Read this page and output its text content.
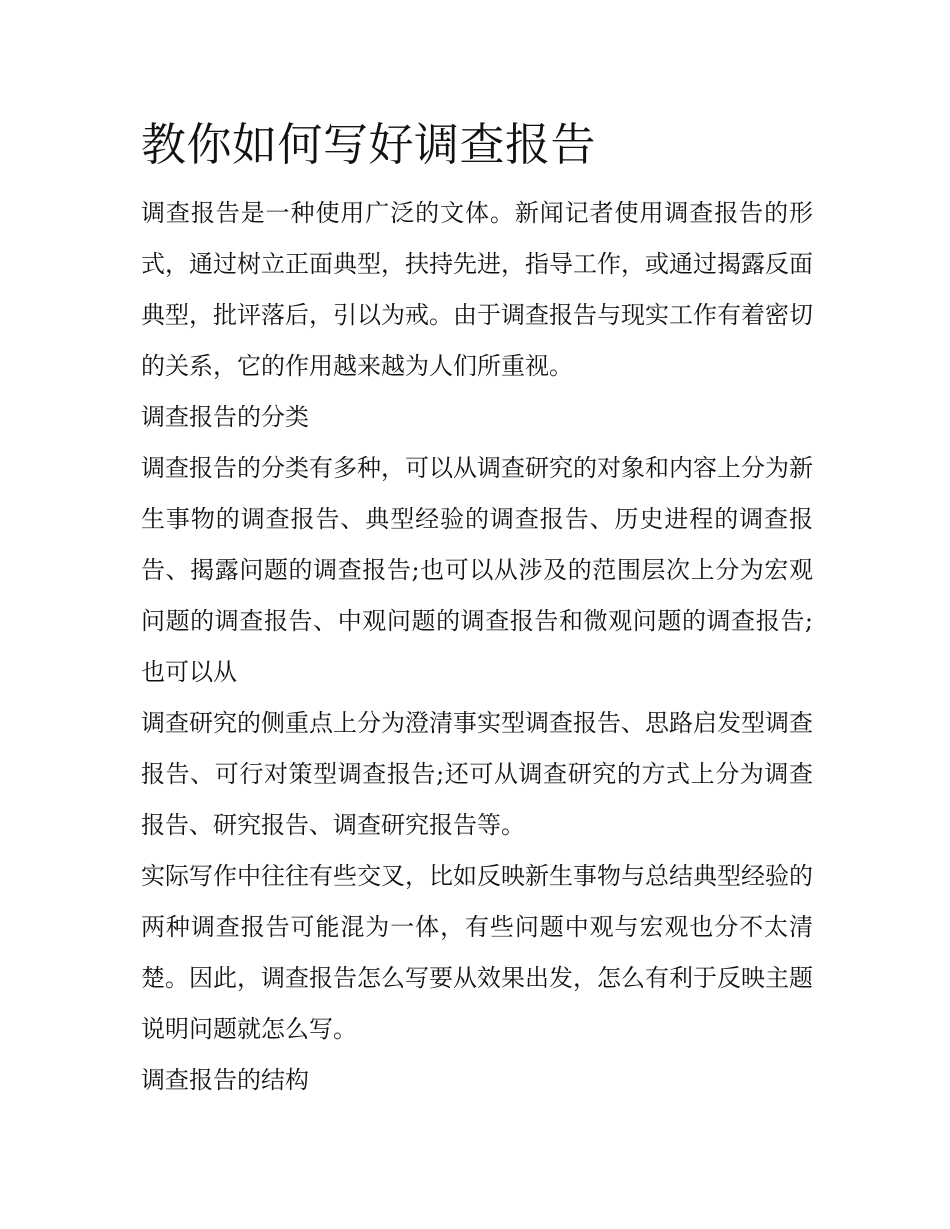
教你如何写好调查报告

调查报告是一种使用广泛的文体。新闻记者使用调查报告的形式，通过树立正面典型，扶持先进，指导工作，或通过揭露反面典型，批评落后，引以为戒。由于调查报告与现实工作有着密切的关系，它的作用越来越为人们所重视。

调查报告的分类

调查报告的分类有多种，可以从调查研究的对象和内容上分为新生事物的调查报告、典型经验的调查报告、历史进程的调查报告、揭露问题的调查报告;也可以从涉及的范围层次上分为宏观问题的调查报告、中观问题的调查报告和微观问题的调查报告;也可以从

调查研究的侧重点上分为澄清事实型调查报告、思路启发型调查报告、可行对策型调查报告;还可从调查研究的方式上分为调查报告、研究报告、调查研究报告等。

实际写作中往往有些交叉，比如反映新生事物与总结典型经验的两种调查报告可能混为一体，有些问题中观与宏观也分不太清楚。因此，调查报告怎么写要从效果出发，怎么有利于反映主题说明问题就怎么写。

调查报告的结构
